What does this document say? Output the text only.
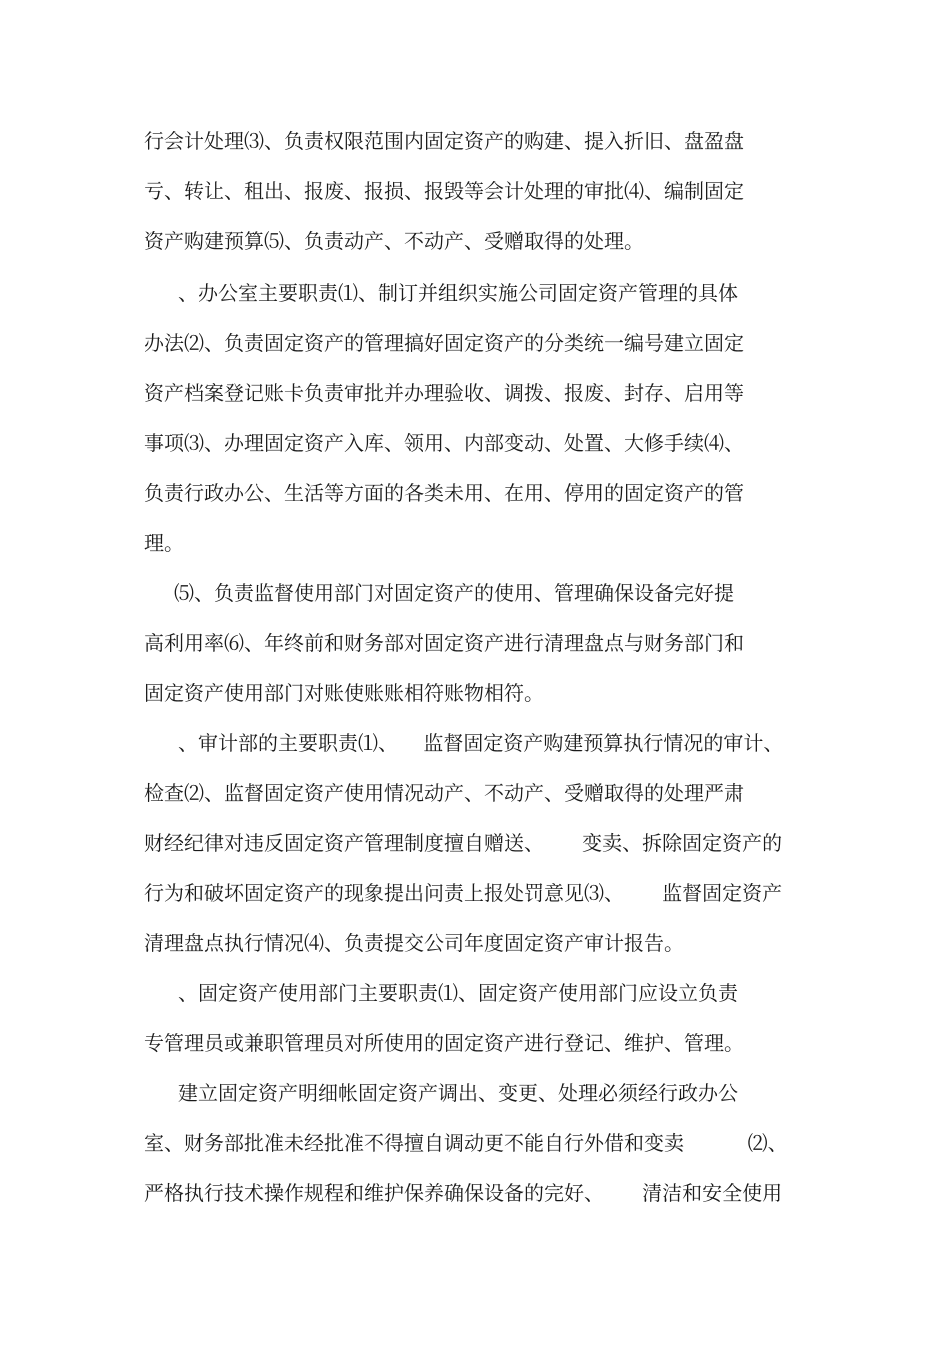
行会计处理⑶、负责权限范围内固定资产的购建、提入折旧、盘盈盘
亏、转让、租出、报废、报损、报毁等会计处理的审批⑷、编制固定
资产购建预算⑸、负责动产、不动产、受赠取得的处理。
、办公室主要职责⑴、制订并组织实施公司固定资产管理的具体
办法⑵、负责固定资产的管理搞好固定资产的分类统一编号建立固定
资产档案登记账卡负责审批并办理验收、调拨、报废、封存、启用等
事项⑶、办理固定资产入库、领用、内部变动、处置、大修手续⑷、
负责行政办公、生活等方面的各类未用、在用、停用的固定资产的管
理。
⑸、负责监督使用部门对固定资产的使用、管理确保设备完好提
高利用率⑹、年终前和财务部对固定资产进行清理盘点与财务部门和
固定资产使用部门对账使账账相符账物相符。
、审计部的主要职责⑴、    监督固定资产购建预算执行情况的审计、
检查⑵、监督固定资产使用情况动产、不动产、受赠取得的处理严肃
财经纪律对违反固定资产管理制度擅自赠送、      变卖、拆除固定资产的
行为和破坏固定资产的现象提出问责上报处罚意见⑶、      监督固定资产
清理盘点执行情况⑷、负责提交公司年度固定资产审计报告。
、固定资产使用部门主要职责⑴、固定资产使用部门应设立负责
专管理员或兼职管理员对所使用的固定资产进行登记、维护、管理。
建立固定资产明细帐固定资产调出、变更、处理必须经行政办公
室、财务部批准未经批准不得擅自调动更不能自行外借和变卖          ⑵、
严格执行技术操作规程和维护保养确保设备的完好、      清洁和安全使用
